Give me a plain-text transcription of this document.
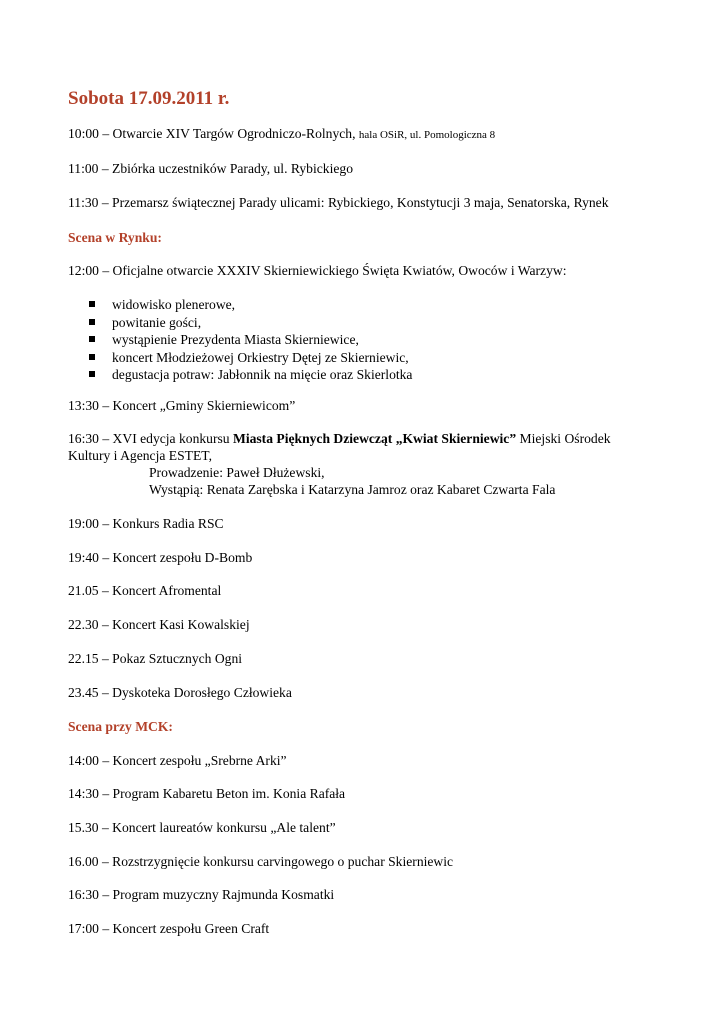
Sobota 17.09.2011 r.
10:00 – Otwarcie XIV Targów Ogrodniczo-Rolnych, hala OSiR, ul. Pomologiczna 8
11:00 – Zbiórka uczestników Parady, ul. Rybickiego
11:30 – Przemarsz świątecznej Parady ulicami: Rybickiego, Konstytucji 3 maja, Senatorska, Rynek
Scena w Rynku:
12:00 – Oficjalne otwarcie XXXIV Skierniewickiego Święta Kwiatów, Owoców i Warzyw:
widowisko plenerowe,
powitanie gości,
wystąpienie Prezydenta Miasta Skierniewice,
koncert Młodzieżowej Orkiestry Dętej ze Skierniewic,
degustacja potraw: Jabłonnik na mięcie oraz Skierlotka
13:30 – Koncert „Gminy Skierniewicom”
16:30 – XVI edycja konkursu Miasta Pięknych Dziewcząt „Kwiat Skierniewic” Miejski Ośrodek
Kultury i Agencja ESTET,
Prowadzenie: Paweł Dłużewski,
Wystąpią: Renata Zarębska i Katarzyna Jamroz oraz Kabaret Czwarta Fala
19:00 – Konkurs Radia RSC
19:40 – Koncert zespołu D-Bomb
21.05 – Koncert Afromental
22.30 – Koncert Kasi Kowalskiej
22.15 – Pokaz Sztucznych Ogni
23.45 – Dyskoteka Dorosłego Człowieka
Scena przy MCK:
14:00 – Koncert zespołu „Srebrne Arki”
14:30 – Program Kabaretu Beton im. Konia Rafała
15.30 – Koncert laureatów konkursu „Ale talent”
16.00 – Rozstrzygnięcie konkursu carvingowego o puchar Skierniewic
16:30 – Program muzyczny Rajmunda Kosmatki
17:00 – Koncert zespołu Green Craft
